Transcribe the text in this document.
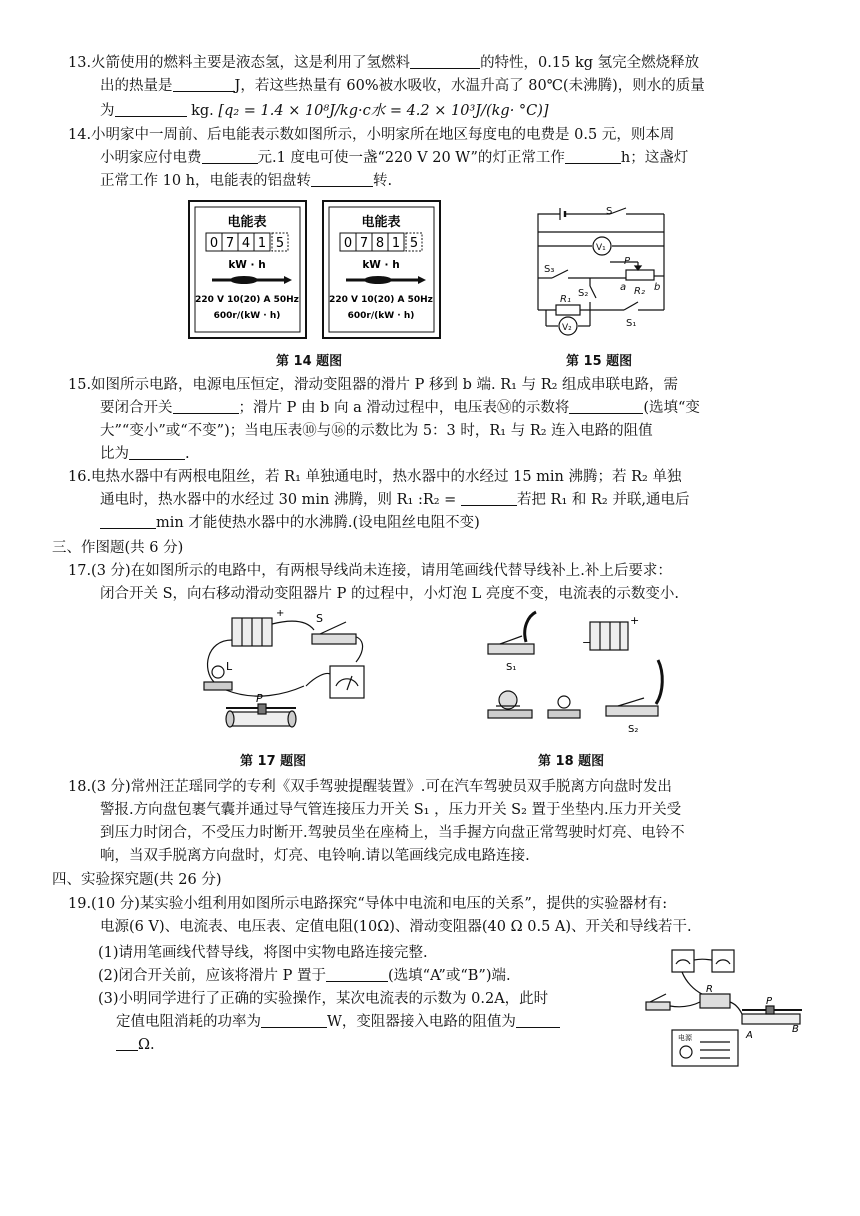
13.火箭使用的燃料主要是液态氢，这是利用了氢燃料	的特性，0.15 kg 氢完全燃烧释放

出的热量是	J，若这些热量有 60%被水吸收，水温升高了 80℃(未沸腾)，则水的质量

为	kg. [q₂ = 1.4 × 10⁸J/kg·c水 = 4.2 × 10³J/(kg· °C)]

14.小明家中一周前、后电能表示数如图所示，小明家所在地区每度电的电费是 0.5 元，则本周

小明家应付电费	元.1 度电可使一盏“220 V 20 W”的灯正常工作	h；这盏灯

正常工作 10 h，电能表的铝盘转	转.

电能表
0 7 4 1 5
kW · h
220 V 10(20) A 50Hz
600r/(kW · h)
电能表
0 7 8 1 5
kW · h
220 V 10(20) A 50Hz
600r/(kW · h)
第 14 题图
S
V₁
S₃
P
a R₂ b
S₂
R₁
V₂	S₁
第 15 题图

15.如图所示电路，电源电压恒定，滑动变阻器的滑片 P 移到 b 端. R₁ 与 R₂ 组成串联电路，需

要闭合开关	；滑片 P 由 b 向 a 滑动过程中，电压表Ⓜ的示数将	(选填“变

大”“变小”或“不变”)；当电压表⑩与⑯的示数比为 5：3 时，R₁ 与 R₂ 连入电路的阻值

比为	.

16.电热水器中有两根电阻丝，若 R₁ 单独通电时，热水器中的水经过 15 min 沸腾；若 R₂ 单独

通电时，热水器中的水经过 30 min 沸腾，则 R₁ :R₂ =	若把 R₁ 和 R₂ 并联,通电后

min 才能使热水器中的水沸腾.(设电阻丝电阻不变)

三、作图题(共 6 分)

17.(3 分)在如图所示的电路中，有两根导线尚未连接，请用笔画线代替导线补上.补上后要求：

闭合开关 S，向右移动滑动变阻器片 P 的过程中，小灯泡 L 亮度不变，电流表的示数变小.

S
L
P
+
第 17 题图
−
+
S₁
S₂
第 18 题图

18.(3 分)常州汪芷瑶同学的专利《双手驾驶提醒装置》.可在汽车驾驶员双手脱离方向盘时发出

警报.方向盘包裹气囊并通过导气管连接压力开关 S₁ ，压力开关 S₂ 置于坐垫内.压力开关受

到压力时闭合，不受压力时断开.驾驶员坐在座椅上，当手握方向盘正常驾驶时灯亮、电铃不

响，当双手脱离方向盘时，灯亮、电铃响.请以笔画线完成电路连接.

四、实验探究题(共 26 分)

19.(10 分)某实验小组利用如图所示电路探究“导体中电流和电压的关系”，提供的实验器材有:

电源(6 V)、电流表、电压表、定值电阻(10Ω)、滑动变阻器(40 Ω 0.5 A)、开关和导线若干.

(1)请用笔画线代替导线，将图中实物电路连接完整.

(2)闭合开关前，应该将滑片 P 置于	(选填“A”或“B”)端.

(3)小明同学进行了正确的实验操作，某次电流表的示数为 0.2A，此时

定值电阻消耗的功率为	W，变阻器接入电路的阻值为

Ω.

R
P
A
B
电源
